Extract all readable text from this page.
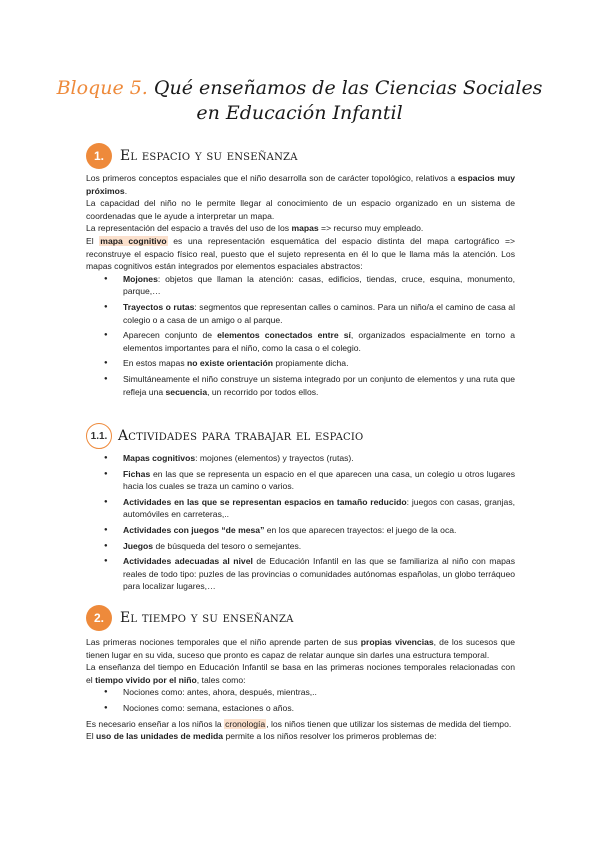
Bloque 5. Qué enseñamos de las Ciencias Sociales
en Educación Infantil
1.	El espacio y su enseñanza

Los primeros conceptos espaciales que el niño desarrolla son de carácter topológico, relativos a espacios muy próximos.

La capacidad del niño no le permite llegar al conocimiento de un espacio organizado en un sistema de coordenadas que le ayude a interpretar un mapa.

La representación del espacio a través del uso de los mapas => recurso muy empleado.

El mapa cognitivo es una representación esquemática del espacio distinta del mapa cartográfico => reconstruye el espacio físico real, puesto que el sujeto representa en él lo que le llama más la atención. Los mapas cognitivos están integrados por elementos espaciales abstractos:

● Mojones: objetos que llaman la atención: casas, edificios, tiendas, cruce, esquina, monumento, parque,…
● Trayectos o rutas: segmentos que representan calles o caminos. Para un niño/a el camino de casa al colegio o a casa de un amigo o al parque.
● Aparecen conjunto de elementos conectados entre sí, organizados espacialmente en torno a elementos importantes para el niño, como la casa o el colegio.
● En estos mapas no existe orientación propiamente dicha.
● Simultáneamente el niño construye un sistema integrado por un conjunto de elementos y una ruta que refleja una secuencia, un recorrido por todos ellos.
1.1. Actividades para trabajar el espacio
● Mapas cognitivos: mojones (elementos) y trayectos (rutas).
● Fichas en las que se representa un espacio en el que aparecen una casa, un colegio u otros lugares hacia los cuales se traza un camino o varios.
● Actividades en las que se representan espacios en tamaño reducido: juegos con casas, granjas, automóviles en carreteras,..
● Actividades con juegos “de mesa” en los que aparecen trayectos: el juego de la oca.
● Juegos de búsqueda del tesoro o semejantes.
● Actividades adecuadas al nivel de Educación Infantil en las que se familiariza al niño con mapas reales de todo tipo: puzles de las provincias o comunidades autónomas españolas, un globo terráqueo para localizar lugares,…
2.	El tiempo y su enseñanza

Las primeras nociones temporales que el niño aprende parten de sus propias vivencias, de los sucesos que tienen lugar en su vida, suceso que pronto es capaz de relatar aunque sin darles una estructura temporal.

La enseñanza del tiempo en Educación Infantil se basa en las primeras nociones temporales relacionadas con el tiempo vivido por el niño, tales como:

● Nociones como: antes, ahora, después, mientras,..
● Nociones como: semana, estaciones o años.

Es necesario enseñar a los niños la cronología, los niños tienen que utilizar los sistemas de medida del tiempo.

El uso de las unidades de medida permite a los niños resolver los primeros problemas de:
